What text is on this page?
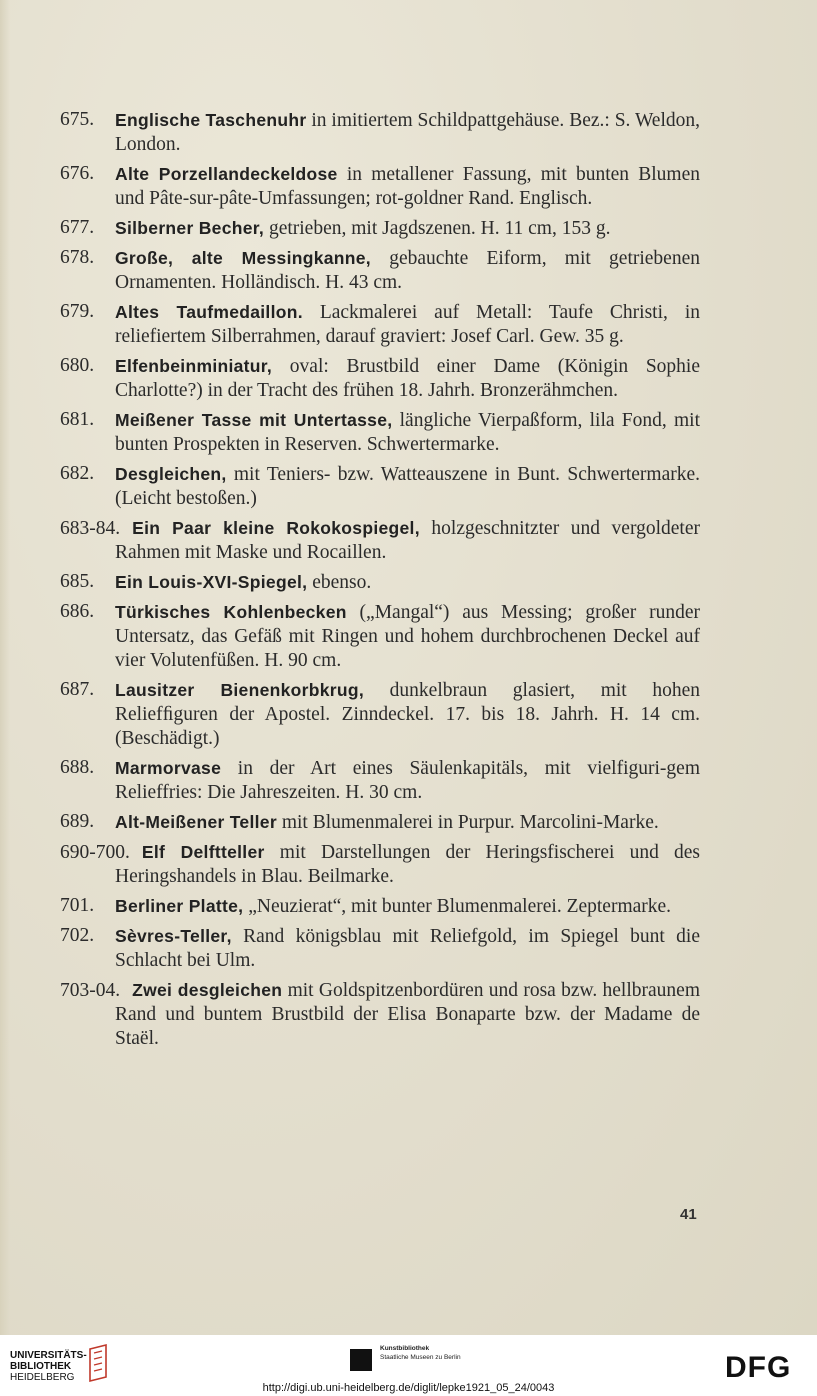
675. Englische Taschenuhr in imitiertem Schildpattgehäuse. Bez.: S. Weldon, London.
676. Alte Porzellandeckeldose in metallener Fassung, mit bunten Blumen und Pâte-sur-pâte-Umfassungen; rot-goldner Rand. Englisch.
677. Silberner Becher, getrieben, mit Jagdszenen. H. 11 cm, 153 g.
678. Große, alte Messingkanne, gebauchte Eiform, mit getriebenen Ornamenten. Holländisch. H. 43 cm.
679. Altes Taufmedaillon. Lackmalerei auf Metall: Taufe Christi, in reliefiertem Silberrahmen, darauf graviert: Josef Carl. Gew. 35 g.
680. Elfenbeinminiatur, oval: Brustbild einer Dame (Königin Sophie Charlotte?) in der Tracht des frühen 18. Jahrh. Bronzerähmchen.
681. Meißener Tasse mit Untertasse, längliche Vierpaßform, lila Fond, mit bunten Prospekten in Reserven. Schwertermarke.
682. Desgleichen, mit Teniers- bzw. Watteauszene in Bunt. Schwertermarke. (Leicht bestoßen.)
683-84. Ein Paar kleine Rokokospiegel, holzgeschnitzter und vergoldeter Rahmen mit Maske und Rocaillen.
685. Ein Louis-XVI-Spiegel, ebenso.
686. Türkisches Kohlenbecken („Mangal“) aus Messing; großer runder Untersatz, das Gefäß mit Ringen und hohem durchbrochenen Deckel auf vier Volutenfüßen. H. 90 cm.
687. Lausitzer Bienenkorbkrug, dunkelbraun glasiert, mit hohen Reliefﬁguren der Apostel. Zinndeckel. 17. bis 18. Jahrh. H. 14 cm. (Beschädigt.)
688. Marmorvase in der Art eines Säulenkapitäls, mit vielfiguri-gem Relieffries: Die Jahreszeiten. H. 30 cm.
689. Alt-Meißener Teller mit Blumenmalerei in Purpur. Marcolini-Marke.
690-700. Elf Delftteller mit Darstellungen der Heringsfischerei und des Heringshandels in Blau. Beilmarke.
701. Berliner Platte, „Neuzierat“, mit bunter Blumenmalerei. Zeptermarke.
702. Sèvres-Teller, Rand königsblau mit Reliefgold, im Spiegel bunt die Schlacht bei Ulm.
703-04. Zwei desgleichen mit Goldspitzenbordüren und rosa bzw. hellbraunem Rand und buntem Brustbild der Elisa Bonaparte bzw. der Madame de Staël.
41
UNIVERSITÄTS-
BIBLIOTHEK
HEIDELBERG
Kunstbibliothek
Staatliche Museen zu Berlin	DFG
http://digi.ub.uni-heidelberg.de/diglit/lepke1921_05_24/0043
